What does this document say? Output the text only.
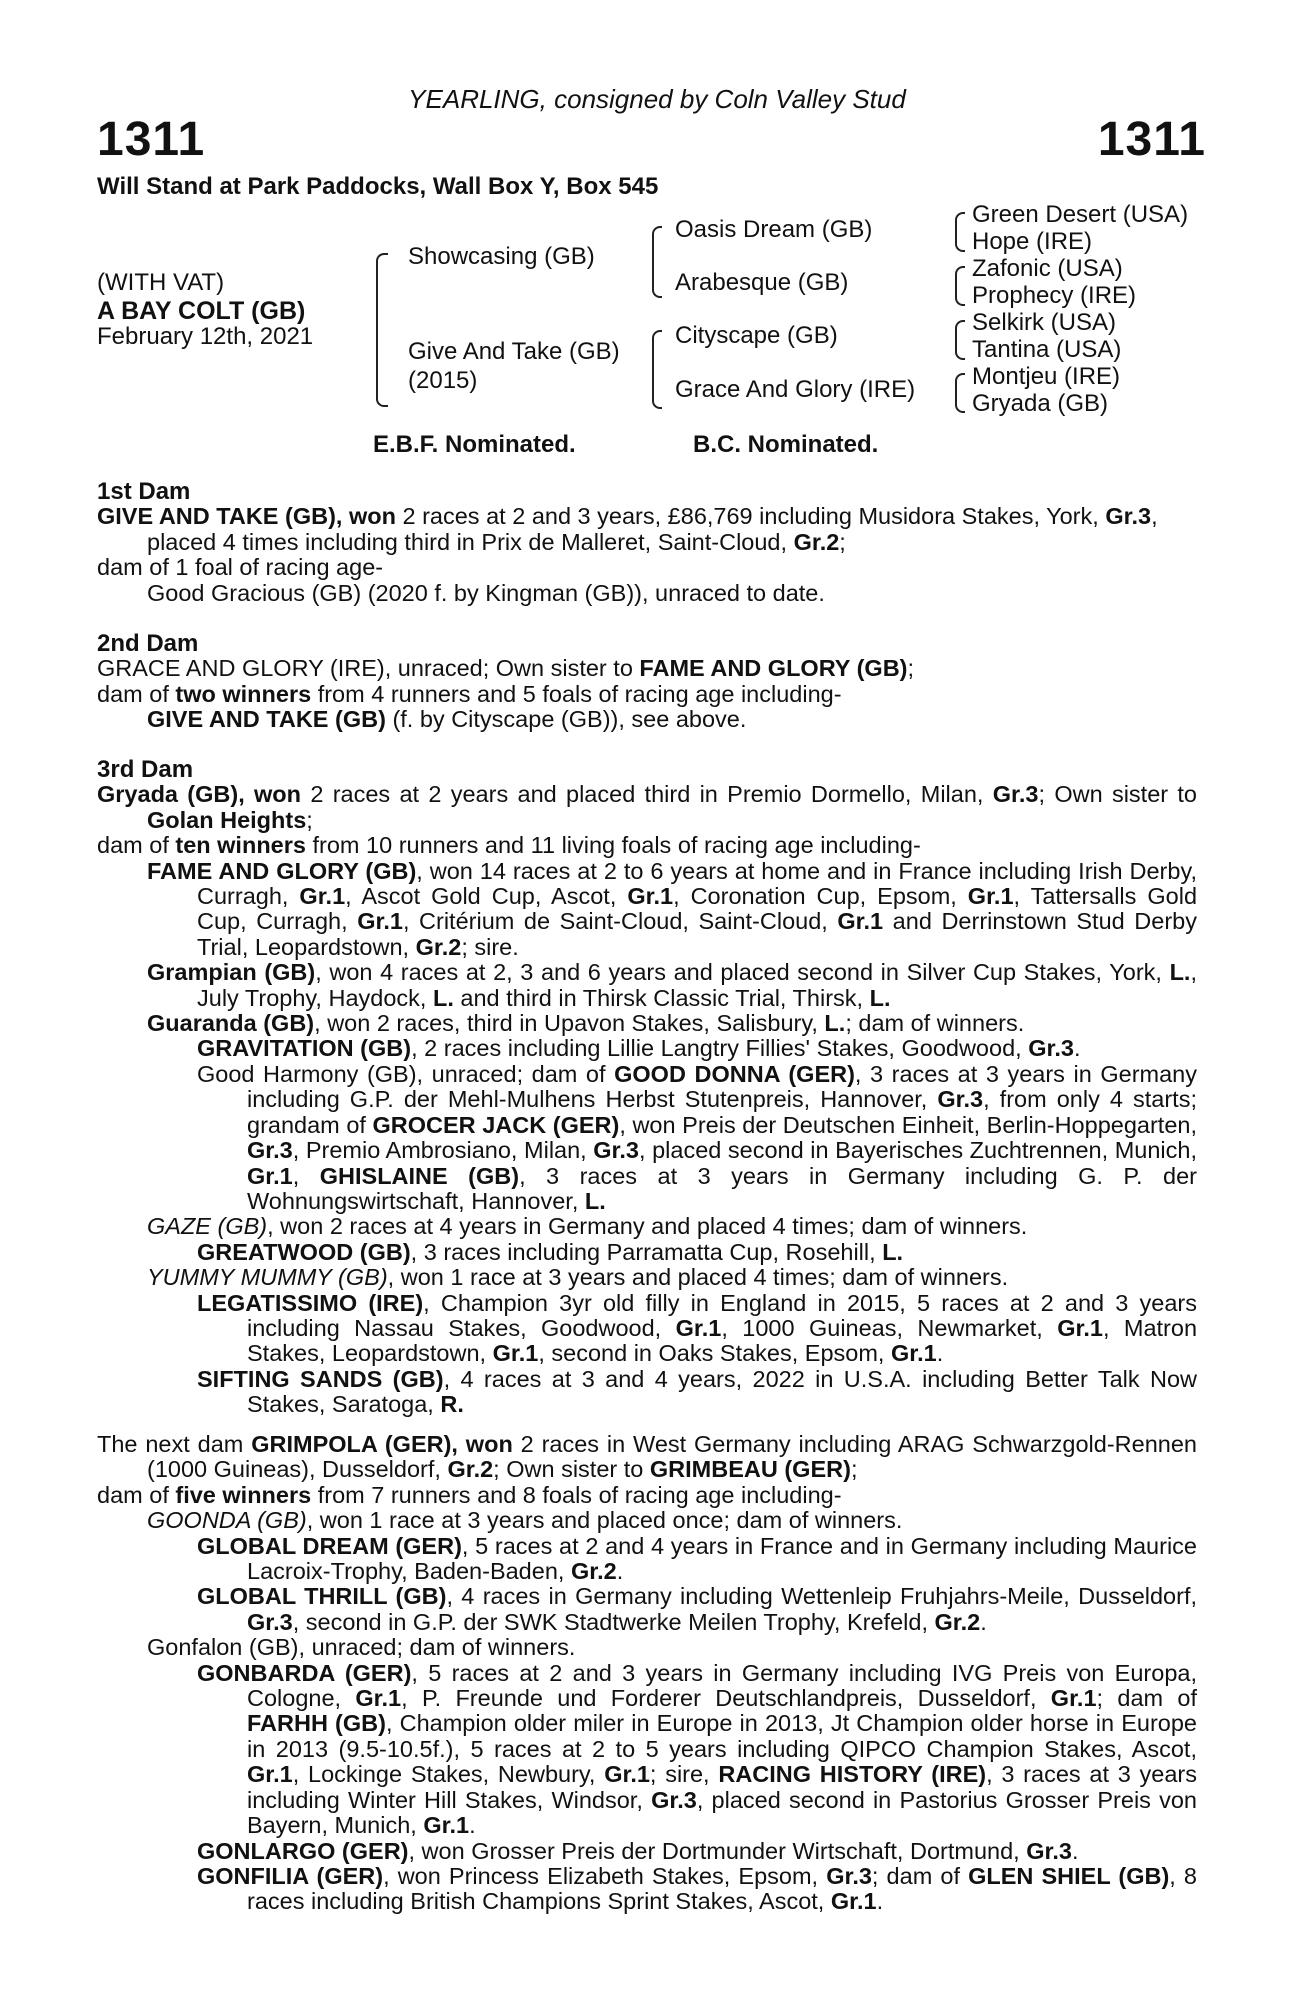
YEARLING, consigned by Coln Valley Stud
1311	1311
Will Stand at Park Paddocks, Wall Box Y, Box 545
(WITH VAT)
A BAY COLT (GB)
February 12th, 2021
Showcasing (GB)
Give And Take (GB)
(2015)
Oasis Dream (GB)
Arabesque (GB)
Cityscape (GB)
Grace And Glory (IRE)
Green Desert (USA)
Hope (IRE)
Zafonic (USA)
Prophecy (IRE)
Selkirk (USA)
Tantina (USA)
Montjeu (IRE)
Gryada (GB)
E.B.F. Nominated.	B.C. Nominated.

1st Dam

GIVE AND TAKE (GB), won 2 races at 2 and 3 years, £86,769 including Musidora Stakes, York, Gr.3, placed 4 times including third in Prix de Malleret, Saint-Cloud, Gr.2;

dam of 1 foal of racing age-

Good Gracious (GB) (2020 f. by Kingman (GB)), unraced to date.

2nd Dam

GRACE AND GLORY (IRE), unraced; Own sister to FAME AND GLORY (GB);

dam of two winners from 4 runners and 5 foals of racing age including-

GIVE AND TAKE (GB) (f. by Cityscape (GB)), see above.

3rd Dam

Gryada (GB), won 2 races at 2 years and placed third in Premio Dormello, Milan, Gr.3; Own sister to Golan Heights;

dam of ten winners from 10 runners and 11 living foals of racing age including-

FAME AND GLORY (GB), won 14 races at 2 to 6 years at home and in France including Irish Derby, Curragh, Gr.1, Ascot Gold Cup, Ascot, Gr.1, Coronation Cup, Epsom, Gr.1, Tattersalls Gold Cup, Curragh, Gr.1, Critérium de Saint-Cloud, Saint-Cloud, Gr.1 and Derrinstown Stud Derby Trial, Leopardstown, Gr.2; sire.

Grampian (GB), won 4 races at 2, 3 and 6 years and placed second in Silver Cup Stakes, York, L., July Trophy, Haydock, L. and third in Thirsk Classic Trial, Thirsk, L.

Guaranda (GB), won 2 races, third in Upavon Stakes, Salisbury, L.; dam of winners.

GRAVITATION (GB), 2 races including Lillie Langtry Fillies' Stakes, Goodwood, Gr.3.

Good Harmony (GB), unraced; dam of GOOD DONNA (GER), 3 races at 3 years in Germany including G.P. der Mehl-Mulhens Herbst Stutenpreis, Hannover, Gr.3, from only 4 starts; grandam of GROCER JACK (GER), won Preis der Deutschen Einheit, Berlin-Hoppegarten, Gr.3, Premio Ambrosiano, Milan, Gr.3, placed second in Bayerisches Zuchtrennen, Munich, Gr.1, GHISLAINE (GB), 3 races at 3 years in Germany including G. P. der Wohnungswirtschaft, Hannover, L.

GAZE (GB), won 2 races at 4 years in Germany and placed 4 times; dam of winners.

GREATWOOD (GB), 3 races including Parramatta Cup, Rosehill, L.

YUMMY MUMMY (GB), won 1 race at 3 years and placed 4 times; dam of winners.

LEGATISSIMO (IRE), Champion 3yr old filly in England in 2015, 5 races at 2 and 3 years including Nassau Stakes, Goodwood, Gr.1, 1000 Guineas, Newmarket, Gr.1, Matron Stakes, Leopardstown, Gr.1, second in Oaks Stakes, Epsom, Gr.1.

SIFTING SANDS (GB), 4 races at 3 and 4 years, 2022 in U.S.A. including Better Talk Now Stakes, Saratoga, R.

The next dam GRIMPOLA (GER), won 2 races in West Germany including ARAG Schwarzgold-Rennen (1000 Guineas), Dusseldorf, Gr.2; Own sister to GRIMBEAU (GER);

dam of five winners from 7 runners and 8 foals of racing age including-

GOONDA (GB), won 1 race at 3 years and placed once; dam of winners.

GLOBAL DREAM (GER), 5 races at 2 and 4 years in France and in Germany including Maurice Lacroix-Trophy, Baden-Baden, Gr.2.

GLOBAL THRILL (GB), 4 races in Germany including Wettenleip Fruhjahrs-Meile, Dusseldorf, Gr.3, second in G.P. der SWK Stadtwerke Meilen Trophy, Krefeld, Gr.2.

Gonfalon (GB), unraced; dam of winners.

GONBARDA (GER), 5 races at 2 and 3 years in Germany including IVG Preis von Europa, Cologne, Gr.1, P. Freunde und Forderer Deutschlandpreis, Dusseldorf, Gr.1; dam of FARHH (GB), Champion older miler in Europe in 2013, Jt Champion older horse in Europe in 2013 (9.5-10.5f.), 5 races at 2 to 5 years including QIPCO Champion Stakes, Ascot, Gr.1, Lockinge Stakes, Newbury, Gr.1; sire, RACING HISTORY (IRE), 3 races at 3 years including Winter Hill Stakes, Windsor, Gr.3, placed second in Pastorius Grosser Preis von Bayern, Munich, Gr.1.

GONLARGO (GER), won Grosser Preis der Dortmunder Wirtschaft, Dortmund, Gr.3.

GONFILIA (GER), won Princess Elizabeth Stakes, Epsom, Gr.3; dam of GLEN SHIEL (GB), 8 races including British Champions Sprint Stakes, Ascot, Gr.1.
